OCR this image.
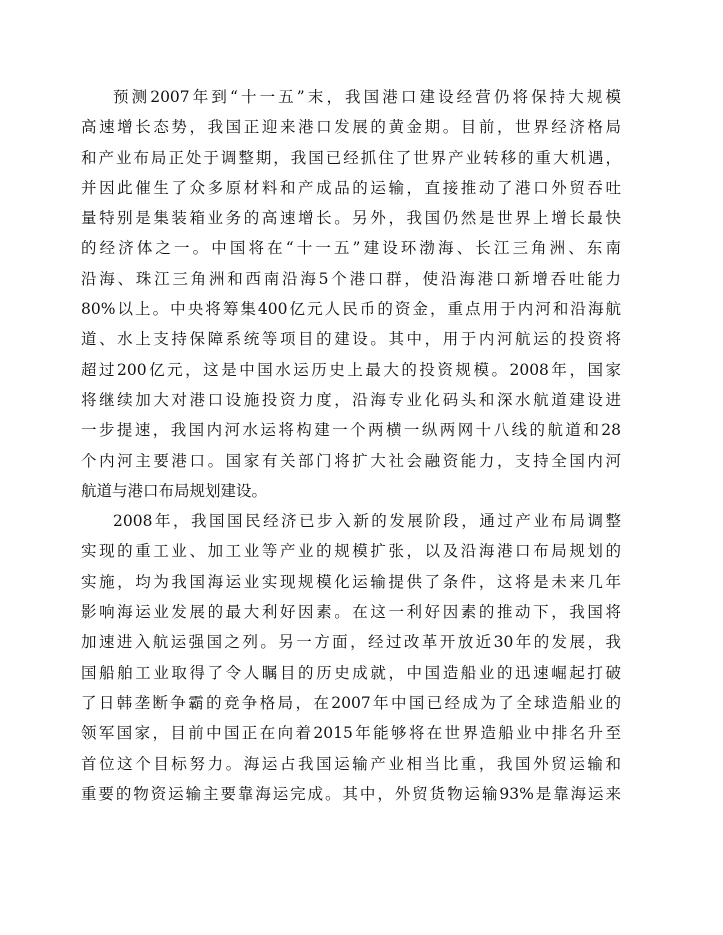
预测2007年到“十一五”末，我国港口建设经营仍将保持大规模
高速增长态势，我国正迎来港口发展的黄金期。目前，世界经济格局
和产业布局正处于调整期，我国已经抓住了世界产业转移的重大机遇，
并因此催生了众多原材料和产成品的运输，直接推动了港口外贸吞吐
量特别是集装箱业务的高速增长。另外，我国仍然是世界上增长最快
的经济体之一。中国将在“十一五”建设环渤海、长江三角洲、东南
沿海、珠江三角洲和西南沿海5个港口群，使沿海港口新增吞吐能力
80%以上。中央将筹集400亿元人民币的资金，重点用于内河和沿海航
道、水上支持保障系统等项目的建设。其中，用于内河航运的投资将
超过200亿元，这是中国水运历史上最大的投资规模。2008年，国家
将继续加大对港口设施投资力度，沿海专业化码头和深水航道建设进
一步提速，我国内河水运将构建一个两横一纵两网十八线的航道和28
个内河主要港口。国家有关部门将扩大社会融资能力，支持全国内河
航道与港口布局规划建设。
2008年，我国国民经济已步入新的发展阶段，通过产业布局调整
实现的重工业、加工业等产业的规模扩张，以及沿海港口布局规划的
实施，均为我国海运业实现规模化运输提供了条件，这将是未来几年
影响海运业发展的最大利好因素。在这一利好因素的推动下，我国将
加速进入航运强国之列。另一方面，经过改革开放近30年的发展，我
国船舶工业取得了令人瞩目的历史成就，中国造船业的迅速崛起打破
了日韩垄断争霸的竞争格局，在2007年中国已经成为了全球造船业的
领军国家，目前中国正在向着2015年能够将在世界造船业中排名升至
首位这个目标努力。海运占我国运输产业相当比重，我国外贸运输和
重要的物资运输主要靠海运完成。其中，外贸货物运输93%是靠海运来
